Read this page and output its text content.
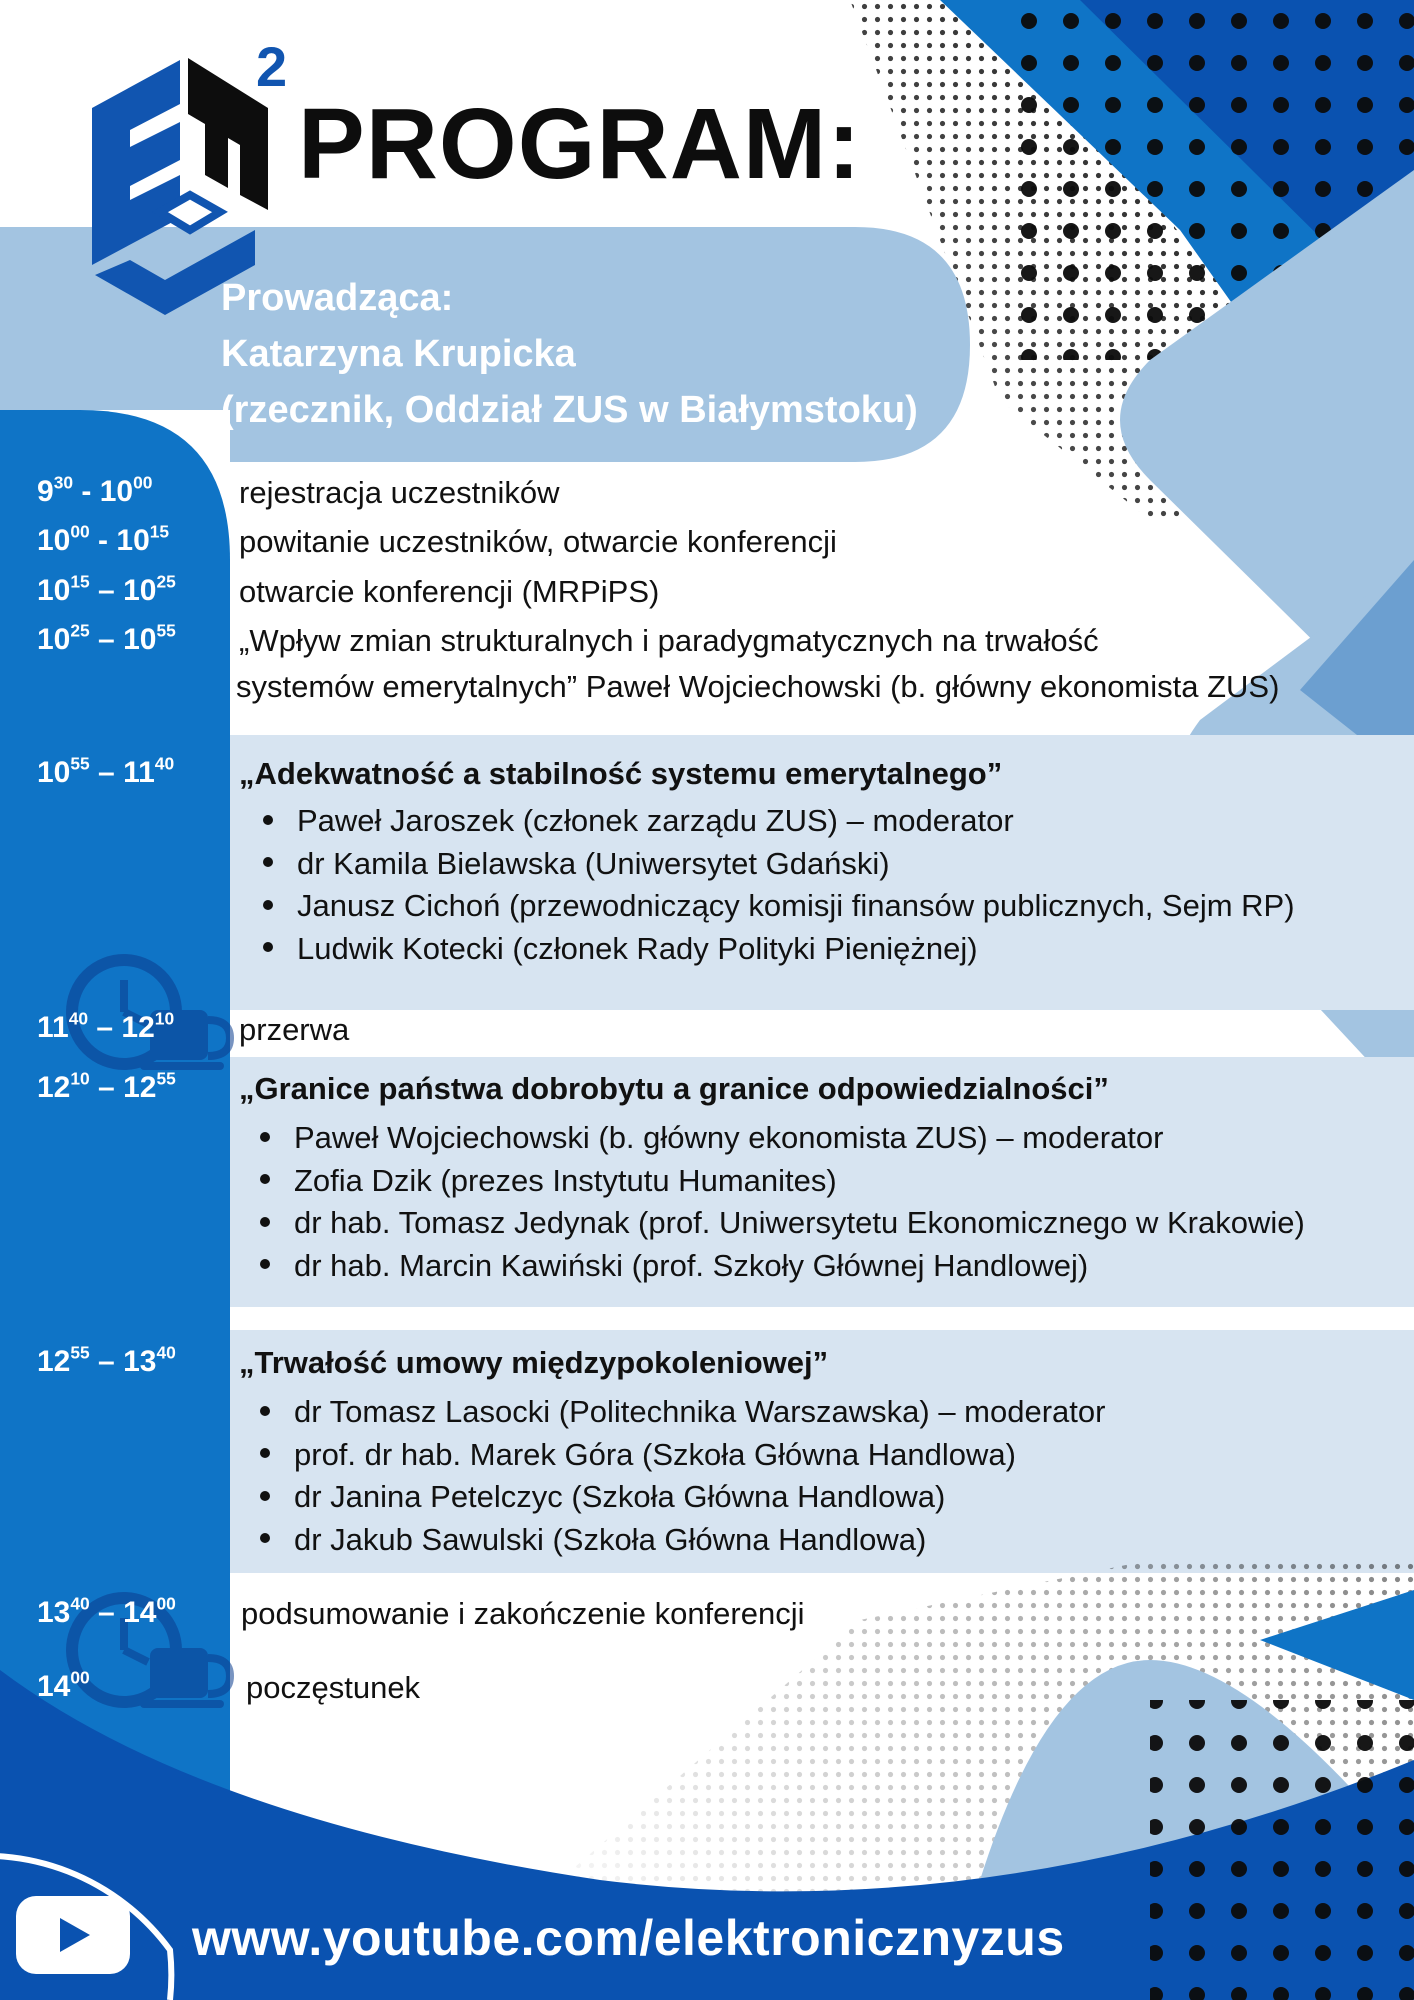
2
PROGRAM:
Prowadząca:
Katarzyna Krupicka
(rzecznik, Oddział ZUS w Białymstoku)
$9^{30} - 10^{00}$
$10^{00} - 10^{15}$
$10^{15} - 10^{25}$
$10^{25} - 10^{55}$
$10^{55} - 11^{40}$
$11^{40} - 12^{10}$
$12^{10} - 12^{55}$
$12^{55} - 13^{40}$
$13^{40} - 14^{00}$
$14^{00}$
rejestracja uczestników
powitanie uczestników, otwarcie konferencji
otwarcie konferencji (MRPiPS)
„Wpływ zmian strukturalnych i paradygmatycznych na trwałość
systemów emerytalnych” Paweł Wojciechowski (b. główny ekonomista ZUS)
„Adekwatność a stabilność systemu emerytalnego”
Paweł Jaroszek (członek zarządu ZUS) – moderator
dr Kamila Bielawska (Uniwersytet Gdański)
Janusz Cichoń (przewodniczący komisji finansów publicznych, Sejm RP)
Ludwik Kotecki (członek Rady Polityki Pieniężnej)
przerwa
„Granice państwa dobrobytu a granice odpowiedzialności”
Paweł Wojciechowski (b. główny ekonomista ZUS) – moderator
Zofia Dzik (prezes Instytutu Humanites)
dr hab. Tomasz Jedynak (prof. Uniwersytetu Ekonomicznego w Krakowie)
dr hab. Marcin Kawiński (prof. Szkoły Głównej Handlowej)
„Trwałość umowy międzypokoleniowej”
dr Tomasz Lasocki (Politechnika Warszawska) – moderator
prof. dr hab. Marek Góra (Szkoła Główna Handlowa)
dr Janina Petelczyc (Szkoła Główna Handlowa)
dr Jakub Sawulski (Szkoła Główna Handlowa)
podsumowanie i zakończenie konferencji
poczęstunek
www.youtube.com/elektronicznyzus
